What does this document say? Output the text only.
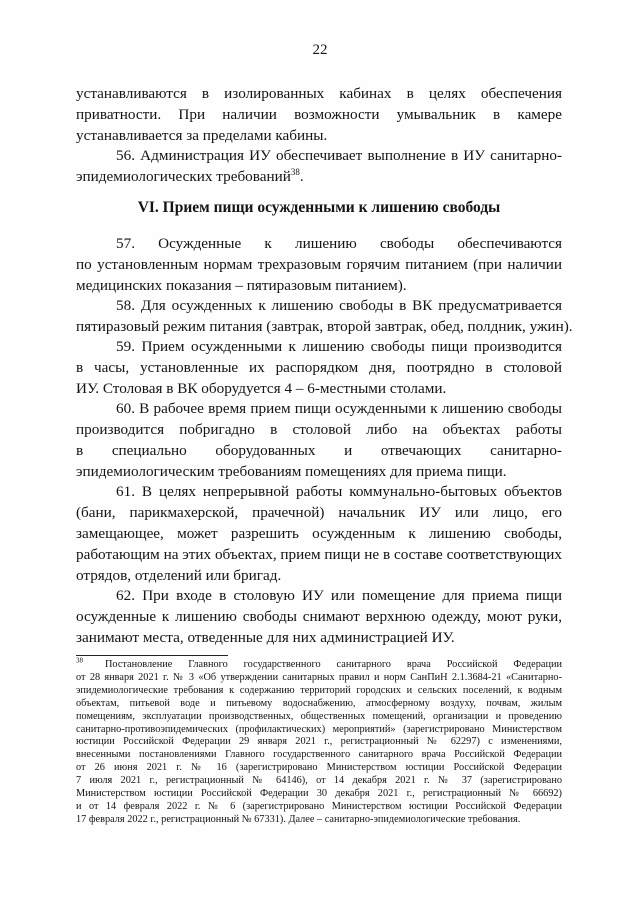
22

устанавливаются в изолированных кабинах в целях обеспечения

приватности. При наличии возможности умывальник в камере

устанавливается за пределами кабины.

56. Администрация ИУ обеспечивает выполнение в ИУ санитарно-

эпидемиологических требований$^{38}$.

VI. Прием пищи осужденными к лишению свободы

57. Осужденные к лишению свободы обеспечиваются

по установленным нормам трехразовым горячим питанием (при наличии

медицинских показания – пятиразовым питанием).

58. Для осужденных к лишению свободы в ВК предусматривается

пятиразовый режим питания (завтрак, второй завтрак, обед, полдник, ужин).

59. Прием осужденными к лишению свободы пищи производится

в часы, установленные их распорядком дня, поотрядно в столовой

ИУ. Столовая в ВК оборудуется 4 – 6-местными столами.

60. В рабочее время прием пищи осужденными к лишению свободы

производится побригадно в столовой либо на объектах работы

в специально оборудованных и отвечающих санитарно-

эпидемиологическим требованиям помещениях для приема пищи.

61. В целях непрерывной работы коммунально-бытовых объектов

(бани, парикмахерской, прачечной) начальник ИУ или лицо, его

замещающее, может разрешить осужденным к лишению свободы,

работающим на этих объектах, прием пищи не в составе соответствующих

отрядов, отделений или бригад.

62. При входе в столовую ИУ или помещение для приема пищи

осужденные к лишению свободы снимают верхнюю одежду, моют руки,

занимают места, отведенные для них администрацией ИУ.

$^{38}$ Постановление Главного государственного санитарного врача Российской Федерации

от 28 января 2021 г. № 3 «Об утверждении санитарных правил и норм СанПиН 2.1.3684-21 «Санитарно-

эпидемиологические требования к содержанию территорий городских и сельских поселений, к водным

объектам, питьевой воде и питьевому водоснабжению, атмосферному воздуху, почвам, жилым

помещениям, эксплуатации производственных, общественных помещений, организации и проведению

санитарно-противоэпидемических (профилактических) мероприятий» (зарегистрировано Министерством

юстиции Российской Федерации 29 января 2021 г., регистрационный № 62297) с изменениями,

внесенными постановлениями Главного государственного санитарного врача Российской Федерации

от 26 июня 2021 г. № 16 (зарегистрировано Министерством юстиции Российской Федерации

7 июля 2021 г., регистрационный № 64146), от 14 декабря 2021 г. № 37 (зарегистрировано

Министерством юстиции Российской Федерации 30 декабря 2021 г., регистрационный № 66692)

и от 14 февраля 2022 г. № 6 (зарегистрировано Министерством юстиции Российской Федерации

17 февраля 2022 г., регистрационный № 67331). Далее – санитарно-эпидемиологические требования.
